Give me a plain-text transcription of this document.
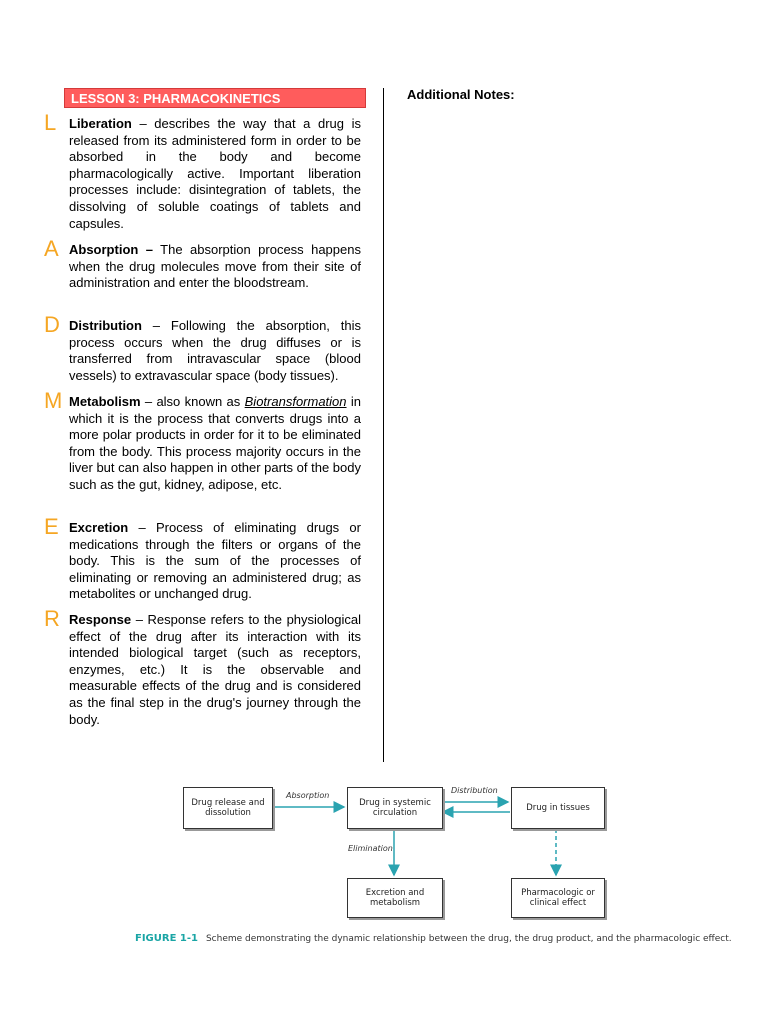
LESSON 3: PHARMACOKINETICS	Additional Notes:
L Liberation – describes the way that a drug is released from its administered form in order to be absorbed in the body and become pharmacologically active. Important liberation processes include: disintegration of tablets, the dissolving of soluble coatings of tablets and capsules.
A Absorption – The absorption process happens when the drug molecules move from their site of administration and enter the bloodstream.
D Distribution – Following the absorption, this process occurs when the drug diffuses or is transferred from intravascular space (blood vessels) to extravascular space (body tissues).
M Metabolism – also known as Biotransformation in which it is the process that converts drugs into a more polar products in order for it to be eliminated from the body. This process majority occurs in the liver but can also happen in other parts of the body such as the gut, kidney, adipose, etc.
E Excretion – Process of eliminating drugs or medications through the filters or organs of the body. This is the sum of the processes of eliminating or removing an administered drug; as metabolites or unchanged drug.
R Response – Response refers to the physiological effect of the drug after its interaction with its intended biological target (such as receptors, enzymes, etc.) It is the observable and measurable effects of the drug and is considered as the final step in the drug's journey through the body.
Drug release and dissolution
Drug in systemic circulation	Drug in tissues
Excretion and metabolism
Pharmacologic or clinical effect
Absorption
Distribution
Elimination
FIGURE 1-1 Scheme demonstrating the dynamic relationship between the drug, the drug product, and the pharmacologic effect.
